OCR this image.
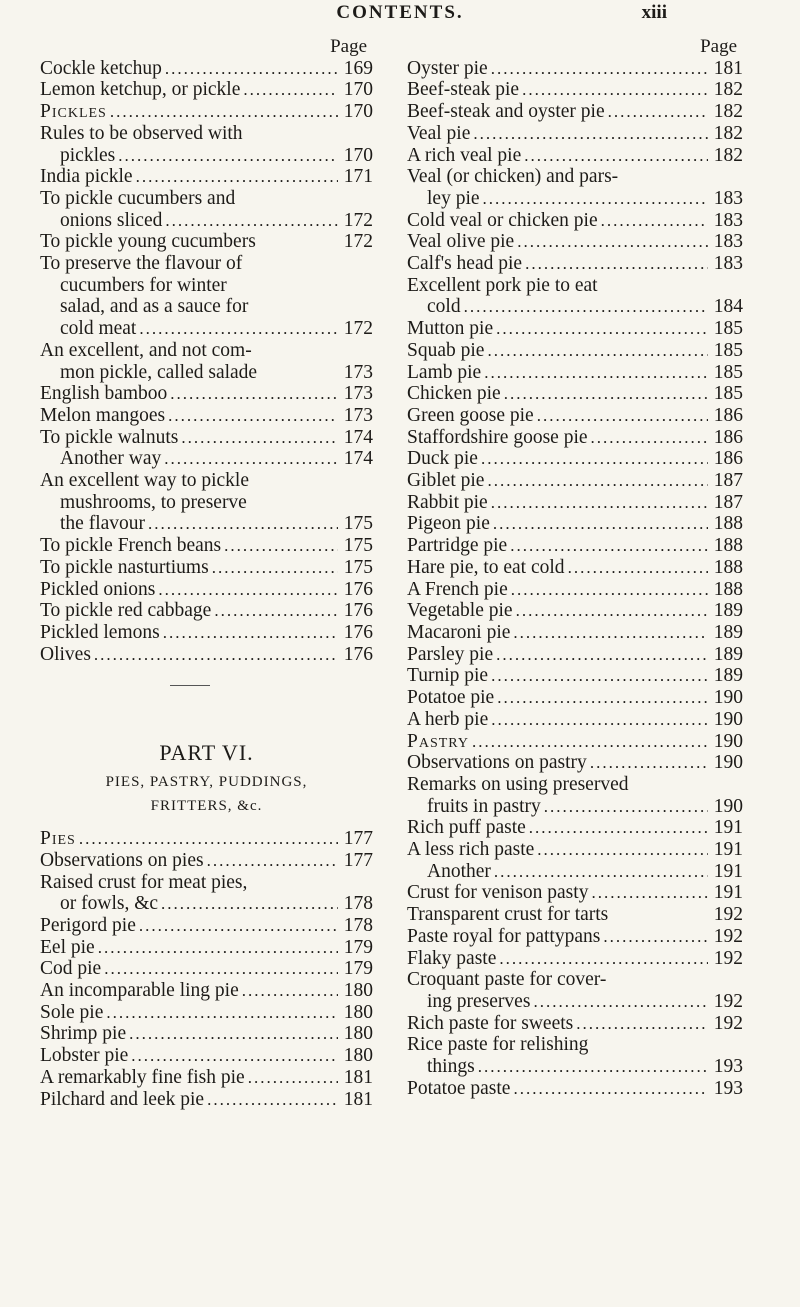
CONTENTS.	xiii
Page
Cockle ketchup .....	169
Lemon ketchup, or pickle .....	170
Pickles .....	170
Rules to be observed with
pickles .....	170
India pickle .....	171
To pickle cucumbers and
onions sliced .....	172
To pickle young cucumbers	172
To preserve the flavour of
cucumbers for winter
salad, and as a sauce for
cold meat .....	172
An excellent, and not com-
mon pickle, called salade	173
English bamboo .....	173
Melon mangoes .....	173
To pickle walnuts .....	174
Another way .....	174
An excellent way to pickle
mushrooms, to preserve
the flavour .....	175
To pickle French beans .....	175
To pickle nasturtiums .....	175
Pickled onions .....	176
To pickle red cabbage .....	176
Pickled lemons .....	176
Olives .....	176
PART VI.
PIES, PASTRY, PUDDINGS,
FRITTERS, &c.
Pies .....	177
Observations on pies .....	177
Raised crust for meat pies,
or fowls, &c .....	178
Perigord pie .....	178
Eel pie .....	179
Cod pie .....	179
An incomparable ling pie .....	180
Sole pie .....	180
Shrimp pie .....	180
Lobster pie .....	180
A remarkably fine fish pie .....	181
Pilchard and leek pie .....	181
Page
Oyster pie .....	181
Beef-steak pie .....	182
Beef-steak and oyster pie .....	182
Veal pie .....	182
A rich veal pie .....	182
Veal (or chicken) and pars-
ley pie .....	183
Cold veal or chicken pie .....	183
Veal olive pie .....	183
Calf's head pie .....	183
Excellent pork pie to eat
cold .....	184
Mutton pie .....	185
Squab pie .....	185
Lamb pie .....	185
Chicken pie .....	185
Green goose pie .....	186
Staffordshire goose pie .....	186
Duck pie .....	186
Giblet pie .....	187
Rabbit pie .....	187
Pigeon pie .....	188
Partridge pie .....	188
Hare pie, to eat cold .....	188
A French pie .....	188
Vegetable pie .....	189
Macaroni pie .....	189
Parsley pie .....	189
Turnip pie .....	189
Potatoe pie .....	190
A herb pie .....	190
Pastry .....	190
Observations on pastry .....	190
Remarks on using preserved
fruits in pastry .....	190
Rich puff paste .....	191
A less rich paste .....	191
Another .....	191
Crust for venison pasty .....	191
Transparent crust for tarts	192
Paste royal for pattypans .....	192
Flaky paste .....	192
Croquant paste for cover-
ing preserves .....	192
Rich paste for sweets .....	192
Rice paste for relishing
things .....	193
Potatoe paste .....	193
